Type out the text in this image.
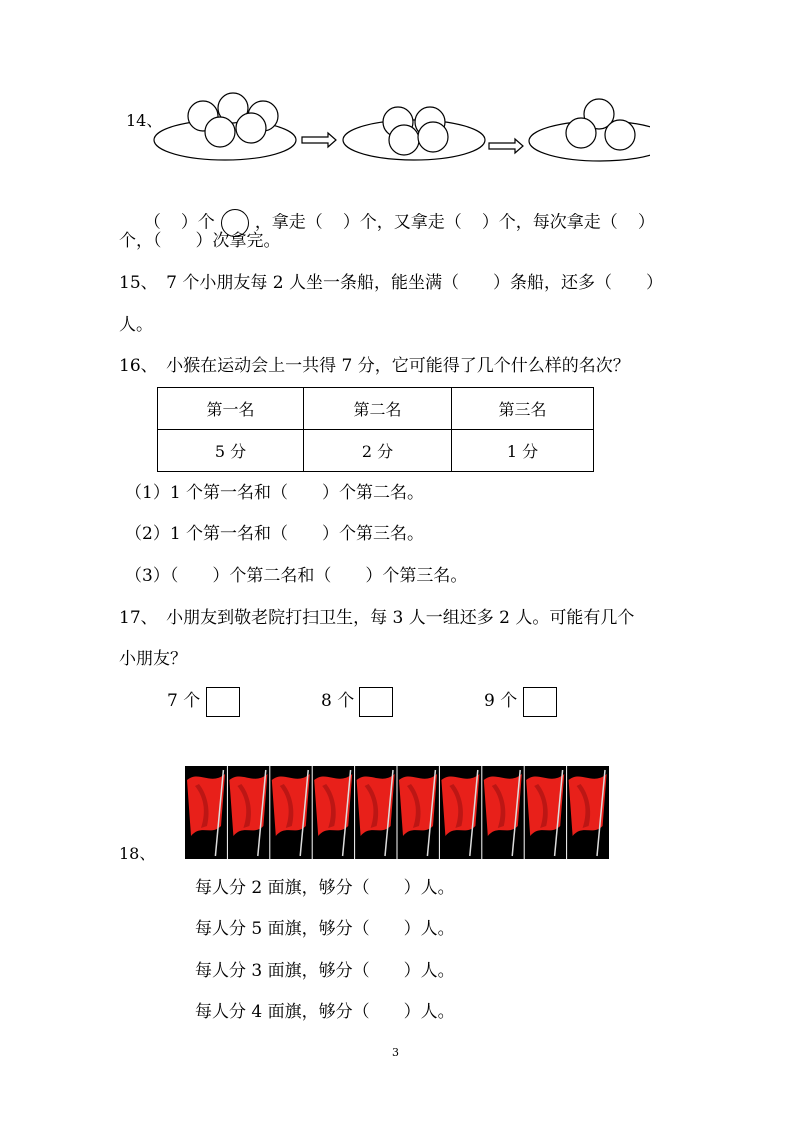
14、

（ ）个 ，拿走（ ）个，又拿走（ ）个，每次拿走（ ）

个，（　　）次拿完。
15、　7 个小朋友每 2 人坐一条船，能坐满（　　）条船，还多（　　）
人。
16、　小猴在运动会上一共得 7 分，它可能得了几个什么样的名次？
第一名	第二名	第三名
5 分	2 分	1 分
（1）1 个第一名和（　　）个第二名。
（2）1 个第一名和（　　）个第三名。
（3）（　　）个第二名和（　　）个第三名。
17、　小朋友到敬老院打扫卫生，每 3 人一组还多 2 人。可能有几个
小朋友？
7 个	8 个	9 个
18、
每人分 2 面旗，够分（　　）人。
每人分 5 面旗，够分（　　）人。
每人分 3 面旗，够分（　　）人。
每人分 4 面旗，够分（　　）人。
3
